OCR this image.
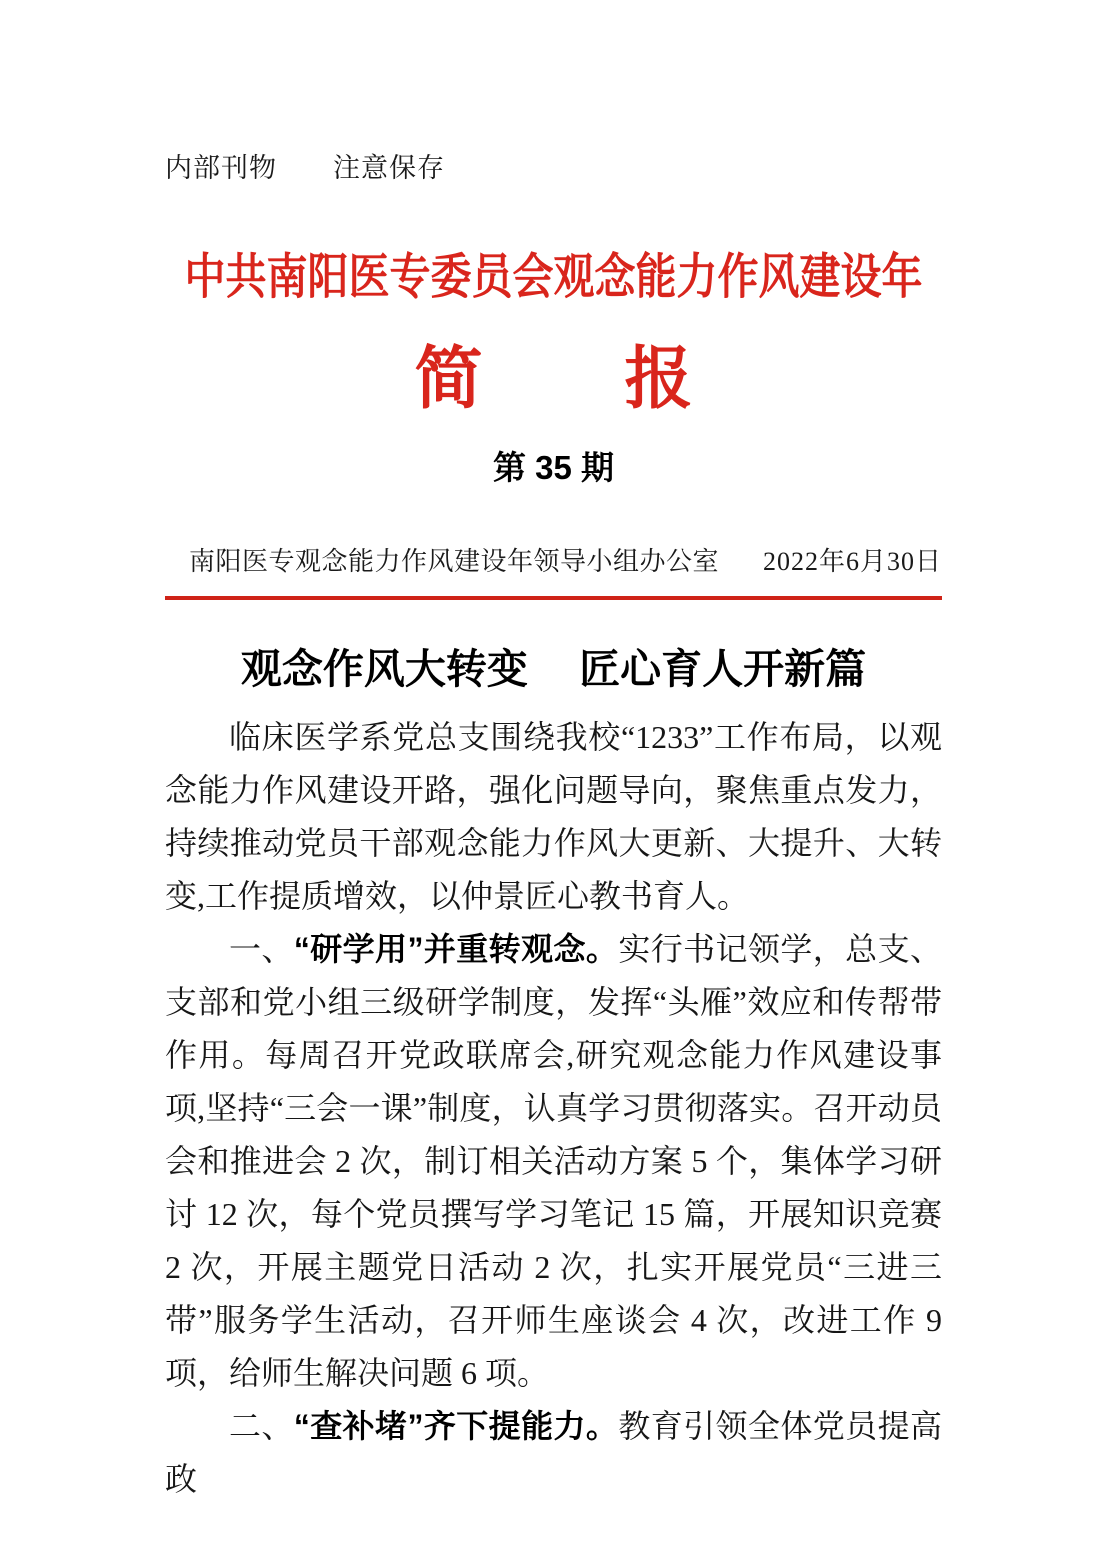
内部刊物　　注意保存
中共南阳医专委员会观念能力作风建设年
简 报
第 35 期
南阳医专观念能力作风建设年领导小组办公室 2022年6月30日
观念作风大转变　 匠心育人开新篇

临床医学系党总支围绕我校“1233”工作布局，以观念能力作风建设开路，强化问题导向，聚焦重点发力，持续推动党员干部观念能力作风大更新、大提升、大转变,工作提质增效，以仲景匠心教书育人。

一、“研学用”并重转观念。实行书记领学，总支、支部和党小组三级研学制度，发挥“头雁”效应和传帮带作用。每周召开党政联席会,研究观念能力作风建设事项,坚持“三会一课”制度，认真学习贯彻落实。召开动员会和推进会 2 次，制订相关活动方案 5 个，集体学习研讨 12 次，每个党员撰写学习笔记 15 篇，开展知识竞赛 2 次，开展主题党日活动 2 次，扎实开展党员“三进三带”服务学生活动，召开师生座谈会 4 次，改进工作 9 项，给师生解决问题 6 项。

二、“查补堵”齐下提能力。教育引领全体党员提高政
